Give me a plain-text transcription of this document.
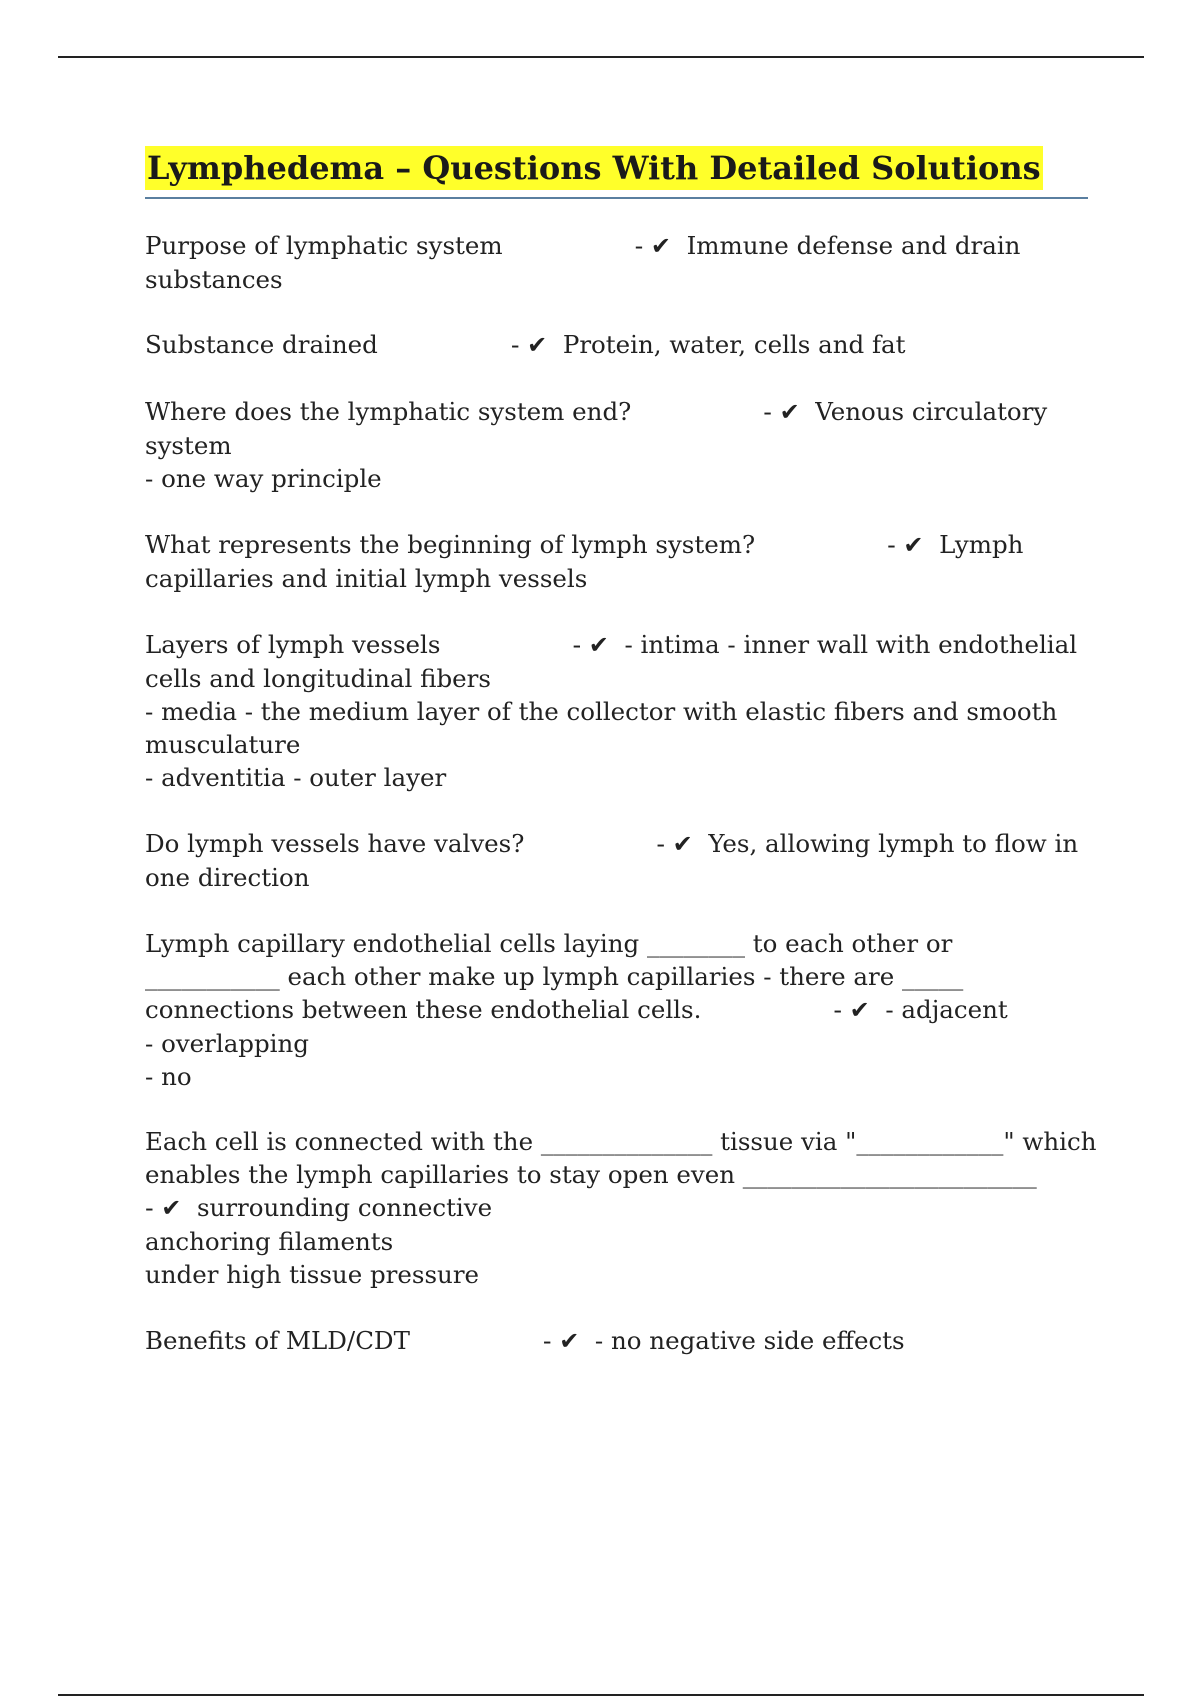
Lymphedema – Questions With Detailed Solutions

Purpose of lymphatic system	- ✔ Immune defense and drain

substances

Substance drained	- ✔ Protein, water, cells and fat

Where does the lymphatic system end?	- ✔ Venous circulatory

system

- one way principle

What represents the beginning of lymph system?	- ✔ Lymph

capillaries and initial lymph vessels

Layers of lymph vessels	- ✔ - intima - inner wall with endothelial

cells and longitudinal fibers

- media - the medium layer of the collector with elastic fibers and smooth

musculature

- adventitia - outer layer

Do lymph vessels have valves?	- ✔ Yes, allowing lymph to flow in

one direction

Lymph capillary endothelial cells laying ________ to each other or

___________ each other make up lymph capillaries - there are _____

connections between these endothelial cells.	- ✔ - adjacent

- overlapping

- no

Each cell is connected with the ______________ tissue via "____________" which

enables the lymph capillaries to stay open even ________________________

- ✔ surrounding connective

anchoring filaments

under high tissue pressure

Benefits of MLD/CDT	- ✔ - no negative side effects
